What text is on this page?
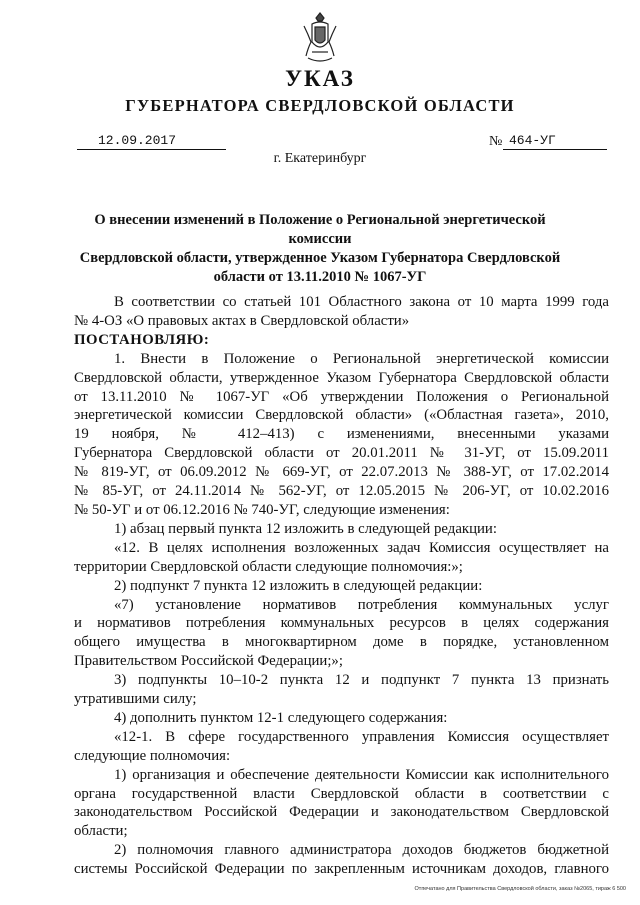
УКАЗ
ГУБЕРНАТОРА СВЕРДЛОВСКОЙ ОБЛАСТИ
12.09.2017	№ 464-УГ
г. Екатеринбург
О внесении изменений в Положение о Региональной энергетической комиссии
Свердловской области, утвержденное Указом Губернатора Свердловской
области от 13.11.2010 № 1067-УГ

В соответствии со статьей 101 Областного закона от 10 марта 1999 года

№ 4-ОЗ «О правовых актах в Свердловской области»

ПОСТАНОВЛЯЮ:

1. Внести в Положение о Региональной энергетической комиссии

Свердловской области, утвержденное Указом Губернатора Свердловской области

от 13.11.2010 № 1067-УГ «Об утверждении Положения о Региональной

энергетической комиссии Свердловской области» («Областная газета», 2010,

19 ноября, № 412–413) с изменениями, внесенными указами

Губернатора Свердловской области от 20.01.2011 № 31-УГ, от 15.09.2011

№ 819-УГ, от 06.09.2012 № 669-УГ, от 22.07.2013 № 388-УГ, от 17.02.2014

№ 85-УГ, от 24.11.2014 № 562-УГ, от 12.05.2015 № 206-УГ, от 10.02.2016

№ 50-УГ и от 06.12.2016 № 740-УГ, следующие изменения:

1) абзац первый пункта 12 изложить в следующей редакции:

«12. В целях исполнения возложенных задач Комиссия осуществляет на

территории Свердловской области следующие полномочия:»;

2) подпункт 7 пункта 12 изложить в следующей редакции:

«7) установление нормативов потребления коммунальных услуг

и нормативов потребления коммунальных ресурсов в целях содержания

общего имущества в многоквартирном доме в порядке, установленном

Правительством Российской Федерации;»;

3) подпункты 10–10-2 пункта 12 и подпункт 7 пункта 13 признать

утратившими силу;

4) дополнить пунктом 12-1 следующего содержания:

«12-1. В сфере государственного управления Комиссия осуществляет

следующие полномочия:

1) организация и обеспечение деятельности Комиссии как исполнительного

органа государственной власти Свердловской области в соответствии с

законодательством Российской Федерации и законодательством Свердловской

области;

2) полномочия главного администратора доходов бюджетов бюджетной

системы Российской Федерации по закрепленным источникам доходов, главного

Отпечатано для Правительства Свердловской области, заказ №2065, тираж 6 500
